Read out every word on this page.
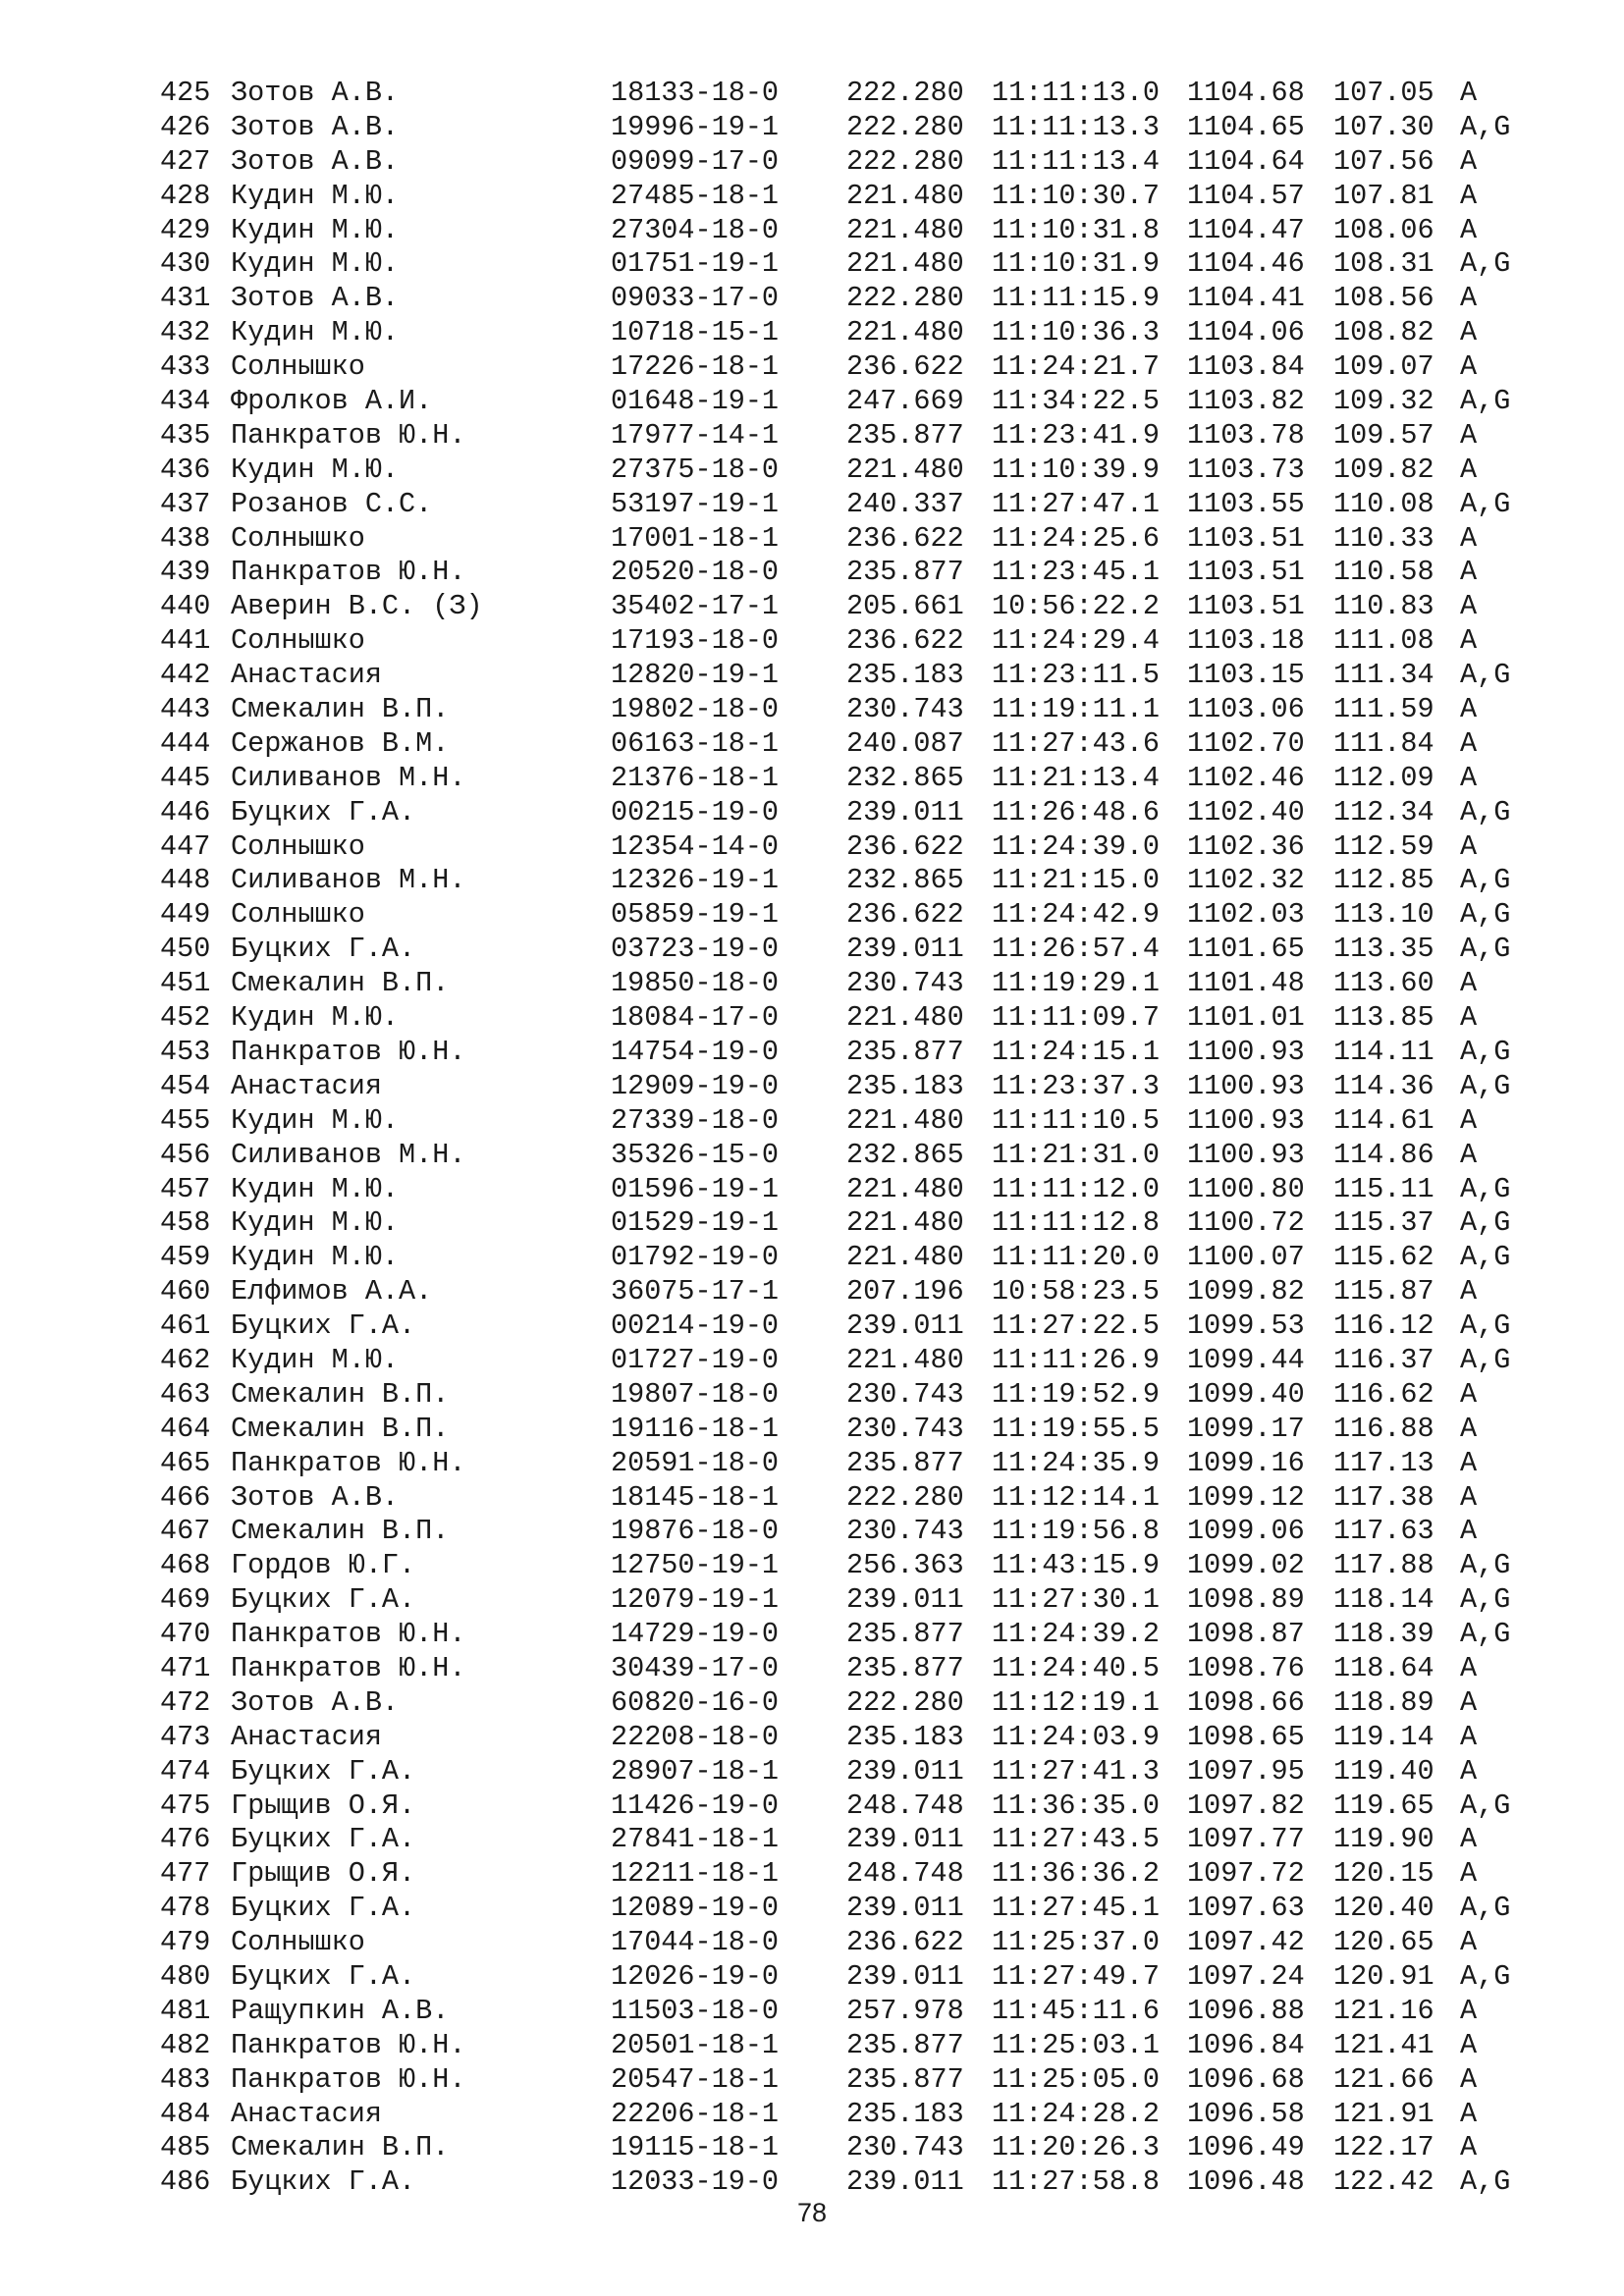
425 Зотов А.В.	18133-18-0 222.280 11:11:13.0 1104.68 107.05 A
426 Зотов А.В.	19996-19-1 222.280 11:11:13.3 1104.65 107.30 A,G
427 Зотов А.В.	09099-17-0 222.280 11:11:13.4 1104.64 107.56 A
428 Кудин М.Ю.	27485-18-1 221.480 11:10:30.7 1104.57 107.81 A
429 Кудин М.Ю.	27304-18-0 221.480 11:10:31.8 1104.47 108.06 A
430 Кудин М.Ю.	01751-19-1 221.480 11:10:31.9 1104.46 108.31 A,G
431 Зотов А.В.	09033-17-0 222.280 11:11:15.9 1104.41 108.56 A
432 Кудин М.Ю.	10718-15-1 221.480 11:10:36.3 1104.06 108.82 A
433 Солнышко	17226-18-1 236.622 11:24:21.7 1103.84 109.07 A
434 Фролков А.И.	01648-19-1 247.669 11:34:22.5 1103.82 109.32 A,G
435 Панкратов Ю.Н.	17977-14-1 235.877 11:23:41.9 1103.78 109.57 A
436 Кудин М.Ю.	27375-18-0 221.480 11:10:39.9 1103.73 109.82 A
437 Розанов С.С.	53197-19-1 240.337 11:27:47.1 1103.55 110.08 A,G
438 Солнышко	17001-18-1 236.622 11:24:25.6 1103.51 110.33 A
439 Панкратов Ю.Н.	20520-18-0 235.877 11:23:45.1 1103.51 110.58 A
440 Аверин В.С. (З)	35402-17-1 205.661 10:56:22.2 1103.51 110.83 A
441 Солнышко	17193-18-0 236.622 11:24:29.4 1103.18 111.08 A
442 Анастасия	12820-19-1 235.183 11:23:11.5 1103.15 111.34 A,G
443 Смекалин В.П.	19802-18-0 230.743 11:19:11.1 1103.06 111.59 A
444 Сержанов В.М.	06163-18-1 240.087 11:27:43.6 1102.70 111.84 A
445 Силиванов М.Н.	21376-18-1 232.865 11:21:13.4 1102.46 112.09 A
446 Буцких Г.А.	00215-19-0 239.011 11:26:48.6 1102.40 112.34 A,G
447 Солнышко	12354-14-0 236.622 11:24:39.0 1102.36 112.59 A
448 Силиванов М.Н.	12326-19-1 232.865 11:21:15.0 1102.32 112.85 A,G
449 Солнышко	05859-19-1 236.622 11:24:42.9 1102.03 113.10 A,G
450 Буцких Г.А.	03723-19-0 239.011 11:26:57.4 1101.65 113.35 A,G
451 Смекалин В.П.	19850-18-0 230.743 11:19:29.1 1101.48 113.60 A
452 Кудин М.Ю.	18084-17-0 221.480 11:11:09.7 1101.01 113.85 A
453 Панкратов Ю.Н.	14754-19-0 235.877 11:24:15.1 1100.93 114.11 A,G
454 Анастасия	12909-19-0 235.183 11:23:37.3 1100.93 114.36 A,G
455 Кудин М.Ю.	27339-18-0 221.480 11:11:10.5 1100.93 114.61 A
456 Силиванов М.Н.	35326-15-0 232.865 11:21:31.0 1100.93 114.86 A
457 Кудин М.Ю.	01596-19-1 221.480 11:11:12.0 1100.80 115.11 A,G
458 Кудин М.Ю.	01529-19-1 221.480 11:11:12.8 1100.72 115.37 A,G
459 Кудин М.Ю.	01792-19-0 221.480 11:11:20.0 1100.07 115.62 A,G
460 Елфимов А.А.	36075-17-1 207.196 10:58:23.5 1099.82 115.87 A
461 Буцких Г.А.	00214-19-0 239.011 11:27:22.5 1099.53 116.12 A,G
462 Кудин М.Ю.	01727-19-0 221.480 11:11:26.9 1099.44 116.37 A,G
463 Смекалин В.П.	19807-18-0 230.743 11:19:52.9 1099.40 116.62 A
464 Смекалин В.П.	19116-18-1 230.743 11:19:55.5 1099.17 116.88 A
465 Панкратов Ю.Н.	20591-18-0 235.877 11:24:35.9 1099.16 117.13 A
466 Зотов А.В.	18145-18-1 222.280 11:12:14.1 1099.12 117.38 A
467 Смекалин В.П.	19876-18-0 230.743 11:19:56.8 1099.06 117.63 A
468 Гордов Ю.Г.	12750-19-1 256.363 11:43:15.9 1099.02 117.88 A,G
469 Буцких Г.А.	12079-19-1 239.011 11:27:30.1 1098.89 118.14 A,G
470 Панкратов Ю.Н.	14729-19-0 235.877 11:24:39.2 1098.87 118.39 A,G
471 Панкратов Ю.Н.	30439-17-0 235.877 11:24:40.5 1098.76 118.64 A
472 Зотов А.В.	60820-16-0 222.280 11:12:19.1 1098.66 118.89 A
473 Анастасия	22208-18-0 235.183 11:24:03.9 1098.65 119.14 A
474 Буцких Г.А.	28907-18-1 239.011 11:27:41.3 1097.95 119.40 A
475 Грыщив О.Я.	11426-19-0 248.748 11:36:35.0 1097.82 119.65 A,G
476 Буцких Г.А.	27841-18-1 239.011 11:27:43.5 1097.77 119.90 A
477 Грыщив О.Я.	12211-18-1 248.748 11:36:36.2 1097.72 120.15 A
478 Буцких Г.А.	12089-19-0 239.011 11:27:45.1 1097.63 120.40 A,G
479 Солнышко	17044-18-0 236.622 11:25:37.0 1097.42 120.65 A
480 Буцких Г.А.	12026-19-0 239.011 11:27:49.7 1097.24 120.91 A,G
481 Ращупкин А.В.	11503-18-0 257.978 11:45:11.6 1096.88 121.16 A
482 Панкратов Ю.Н.	20501-18-1 235.877 11:25:03.1 1096.84 121.41 A
483 Панкратов Ю.Н.	20547-18-1 235.877 11:25:05.0 1096.68 121.66 A
484 Анастасия	22206-18-1 235.183 11:24:28.2 1096.58 121.91 A
485 Смекалин В.П.	19115-18-1 230.743 11:20:26.3 1096.49 122.17 A
486 Буцких Г.А.	12033-19-0 239.011 11:27:58.8 1096.48 122.42 A,G
78
